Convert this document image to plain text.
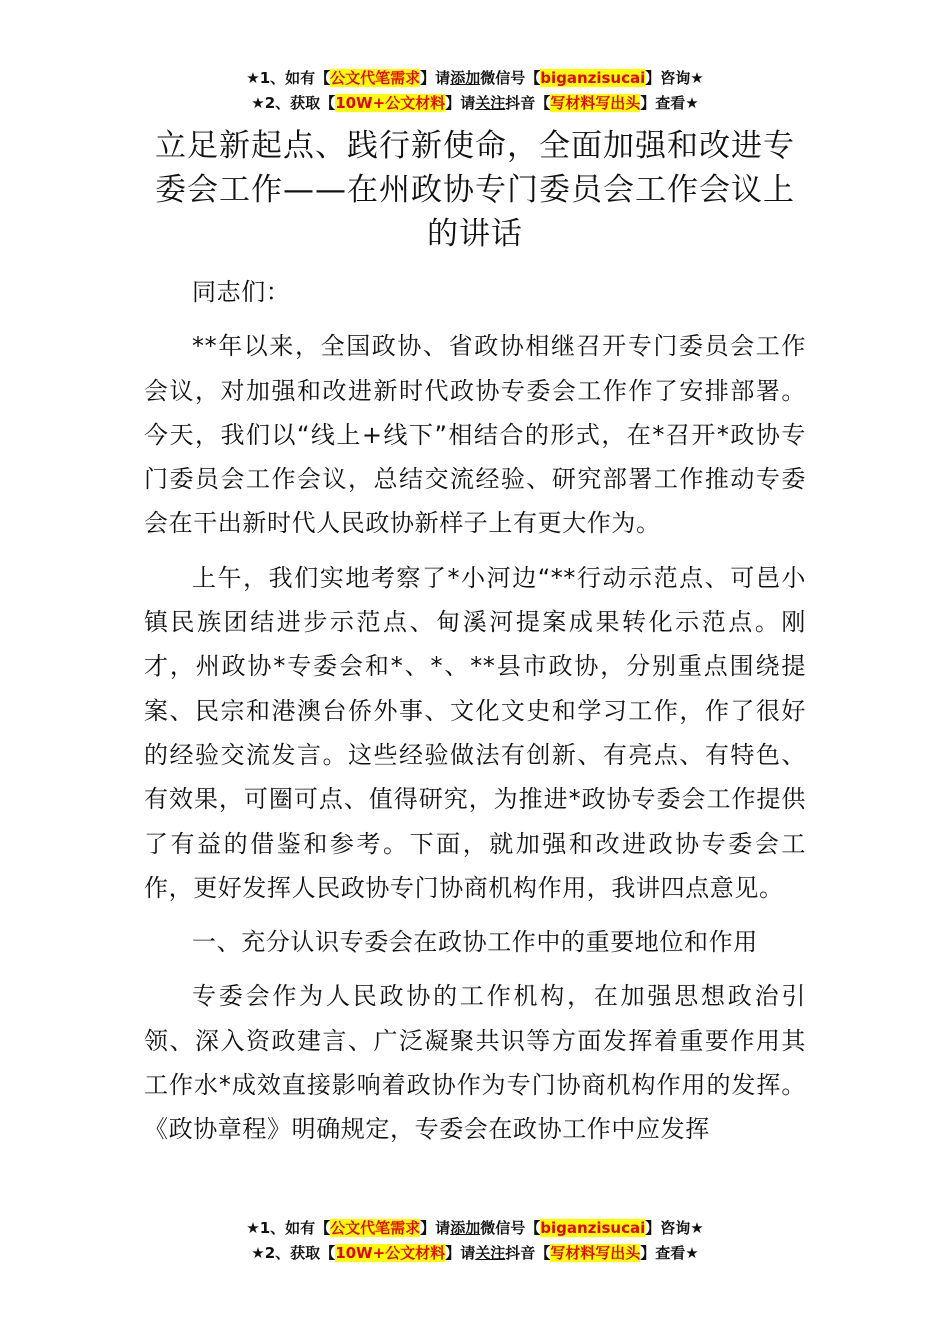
★1、如有【公文代笔需求】请添加微信号【biganzisucai】咨询★
★2、获取【10W+公文材料】请关注抖音【写材料写出头】查看★
立足新起点、践行新使命，全面加强和改进专委会工作——在州政协专门委员会工作会议上的讲话

同志们：

**年以来，全国政协、省政协相继召开专门委员会工作会议，对加强和改进新时代政协专委会工作作了安排部署。今天，我们以“线上+线下”相结合的形式，在*召开*政协专门委员会工作会议，总结交流经验、研究部署工作推动专委会在干出新时代人民政协新样子上有更大作为。

上午，我们实地考察了*小河边“**行动示范点、可邑小镇民族团结进步示范点、甸溪河提案成果转化示范点。刚才，州政协*专委会和*、*、**县市政协，分别重点围绕提案、民宗和港澳台侨外事、文化文史和学习工作，作了很好的经验交流发言。这些经验做法有创新、有亮点、有特色、有效果，可圈可点、值得研究，为推进*政协专委会工作提供了有益的借鉴和参考。下面，就加强和改进政协专委会工作，更好发挥人民政协专门协商机构作用，我讲四点意见。

一、充分认识专委会在政协工作中的重要地位和作用

专委会作为人民政协的工作机构，在加强思想政治引领、深入资政建言、广泛凝聚共识等方面发挥着重要作用其工作水*成效直接影响着政协作为专门协商机构作用的发挥。《政协章程》明确规定，专委会在政协工作中应发挥

★1、如有【公文代笔需求】请添加微信号【biganzisucai】咨询★
★2、获取【10W+公文材料】请关注抖音【写材料写出头】查看★
